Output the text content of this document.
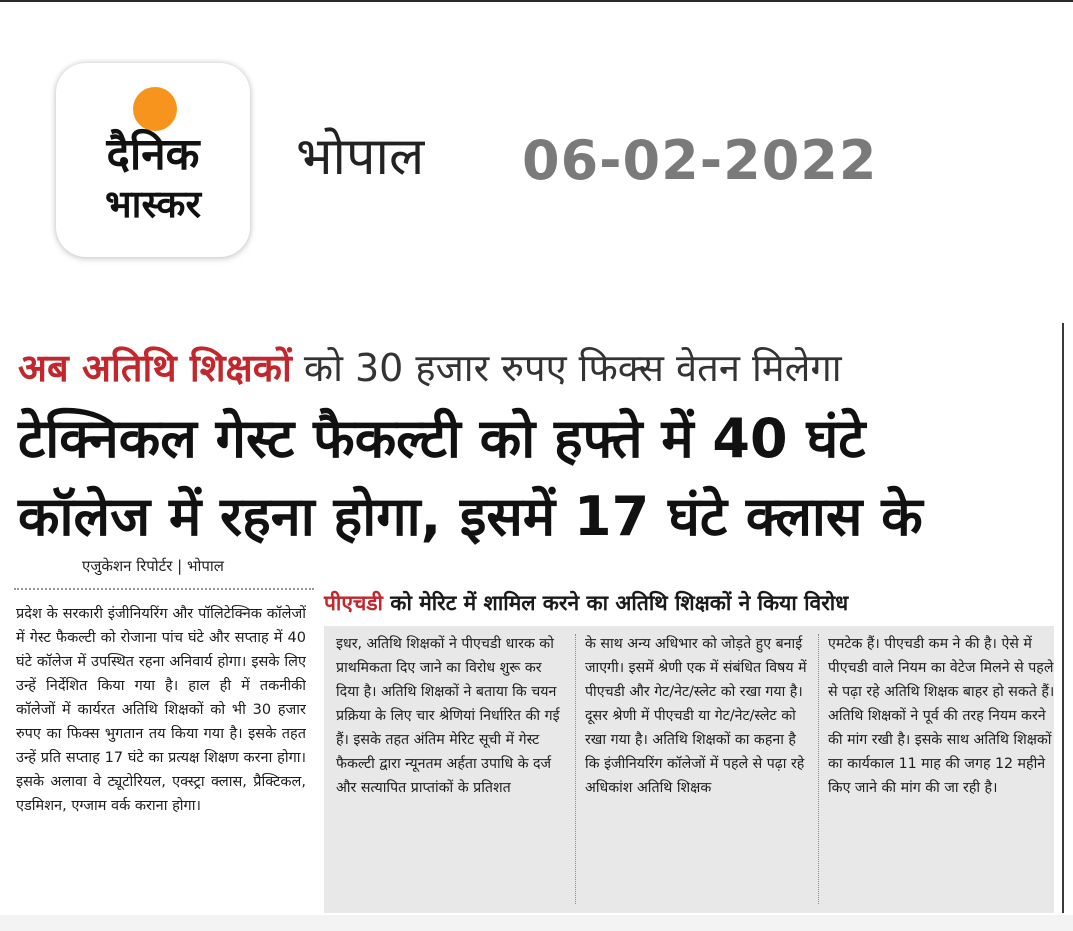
दैनिक
भास्कर
भोपाल 06-02-2022
अब अतिथि शिक्षकों को 30 हजार रुपए फिक्स वेतन मिलेगा
टेक्निकल गेस्ट फैकल्टी को हफ्ते में 40 घंटे
कॉलेज में रहना होगा, इसमें 17 घंटे क्लास के
एजुकेशन रिपोर्टर | भोपाल
प्रदेश के सरकारी इंजीनियरिंग और पॉलिटेक्निक कॉलेजों में गेस्ट फैकल्टी को रोजाना पांच घंटे और सप्ताह में 40 घंटे कॉलेज में उपस्थित रहना अनिवार्य होगा। इसके लिए उन्हें निर्देशित किया गया है। हाल ही में तकनीकी कॉलेजों में कार्यरत अतिथि शिक्षकों को भी 30 हजार रुपए का फिक्स भुगतान तय किया गया है। इसके तहत उन्हें प्रति सप्ताह 17 घंटे का प्रत्यक्ष शिक्षण करना होगा। इसके अलावा वे ट्यूटोरियल, एक्स्ट्रा क्लास, प्रैक्टिकल, एडमिशन, एग्जाम वर्क कराना होगा।
पीएचडी को मेरिट में शामिल करने का अतिथि शिक्षकों ने किया विरोध
इधर, अतिथि शिक्षकों ने पीएचडी धारक को प्राथमिकता दिए जाने का विरोध शुरू कर दिया है। अतिथि शिक्षकों ने बताया कि चयन प्रक्रिया के लिए चार श्रेणियां निर्धारित की गई हैं। इसके तहत अंतिम मेरिट सूची में गेस्ट फैकल्टी द्वारा न्यूनतम अर्हता उपाधि के दर्ज और सत्यापित प्राप्तांकों के प्रतिशत
के साथ अन्य अधिभार को जोड़ते हुए बनाई जाएगी। इसमें श्रेणी एक में संबंधित विषय में पीएचडी और गेट/नेट/स्लेट को रखा गया है। दूसर श्रेणी में पीएचडी या गेट/नेट/स्लेट को रखा गया है। अतिथि शिक्षकों का कहना है कि इंजीनियरिंग कॉलेजों में पहले से पढ़ा रहे अधिकांश अतिथि शिक्षक
एमटेक हैं। पीएचडी कम ने की है। ऐसे में पीएचडी वाले नियम का वेटेज मिलने से पहले से पढ़ा रहे अतिथि शिक्षक बाहर हो सकते हैं। अतिथि शिक्षकों ने पूर्व की तरह नियम करने की मांग रखी है। इसके साथ अतिथि शिक्षकों का कार्यकाल 11 माह की जगह 12 महीने किए जाने की मांग की जा रही है।
